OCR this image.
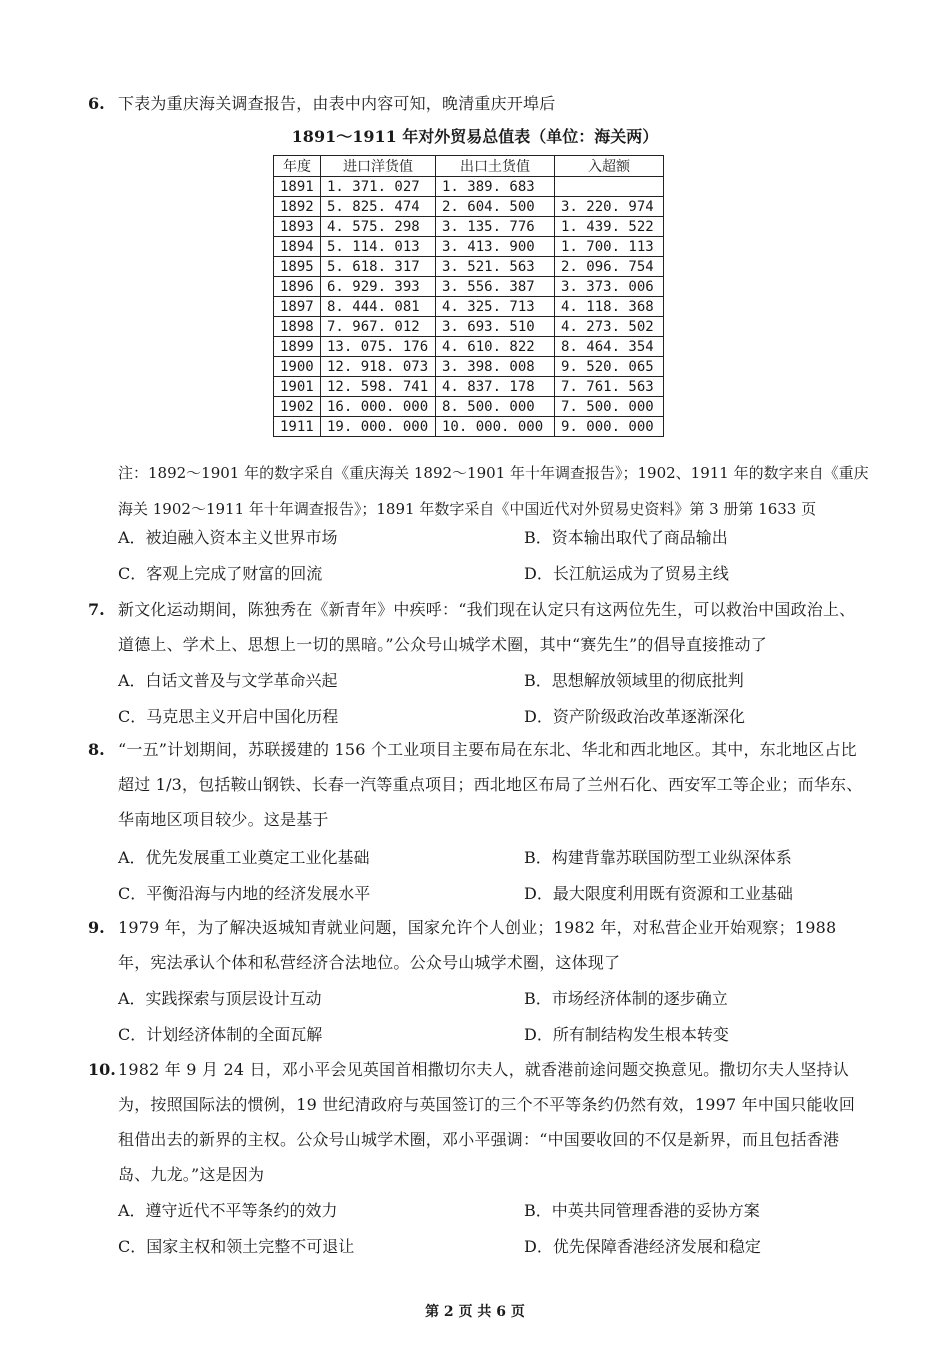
6. 下表为重庆海关调查报告，由表中内容可知，晚清重庆开埠后
1891～1911 年对外贸易总值表（单位：海关两）
年度	进口洋货值	出口土货值	入超额
1891	1. 371. 027	1. 389. 683	
1892	5. 825. 474	2. 604. 500	3. 220. 974
1893	4. 575. 298	3. 135. 776	1. 439. 522
1894	5. 114. 013	3. 413. 900	1. 700. 113
1895	5. 618. 317	3. 521. 563	2. 096. 754
1896	6. 929. 393	3. 556. 387	3. 373. 006
1897	8. 444. 081	4. 325. 713	4. 118. 368
1898	7. 967. 012	3. 693. 510	4. 273. 502
1899	13. 075. 176	4. 610. 822	8. 464. 354
1900	12. 918. 073	3. 398. 008	9. 520. 065
1901	12. 598. 741	4. 837. 178	7. 761. 563
1902	16. 000. 000	8. 500. 000	7. 500. 000
1911	19. 000. 000	10. 000. 000	9. 000. 000
注：1892～1901 年的数字采自《重庆海关 1892～1901 年十年调查报告》；1902、1911 年的数字来自《重庆海关 1902～1911 年十年调查报告》；1891 年数字采自《中国近代对外贸易史资料》第 3 册第 1633 页
A．被迫融入资本主义世界市场	B．资本输出取代了商品输出
C．客观上完成了财富的回流	D．长江航运成为了贸易主线
7. 新文化运动期间，陈独秀在《新青年》中疾呼：“我们现在认定只有这两位先生，可以救治中国政治上、道德上、学术上、思想上一切的黑暗。”公众号山城学术圈，其中“赛先生”的倡导直接推动了
A．白话文普及与文学革命兴起	B．思想解放领域里的彻底批判
C．马克思主义开启中国化历程	D．资产阶级政治改革逐渐深化
8. “一五”计划期间，苏联援建的 156 个工业项目主要布局在东北、华北和西北地区。其中，东北地区占比超过 1/3，包括鞍山钢铁、长春一汽等重点项目；西北地区布局了兰州石化、西安军工等企业；而华东、华南地区项目较少。这是基于
A．优先发展重工业奠定工业化基础	B．构建背靠苏联国防型工业纵深体系
C．平衡沿海与内地的经济发展水平	D．最大限度利用既有资源和工业基础
9. 1979 年，为了解决返城知青就业问题，国家允许个人创业；1982 年，对私营企业开始观察；1988 年，宪法承认个体和私营经济合法地位。公众号山城学术圈，这体现了
A．实践探索与顶层设计互动	B．市场经济体制的逐步确立
C．计划经济体制的全面瓦解	D．所有制结构发生根本转变
10. 1982 年 9 月 24 日，邓小平会见英国首相撒切尔夫人，就香港前途问题交换意见。撒切尔夫人坚持认为，按照国际法的惯例，19 世纪清政府与英国签订的三个不平等条约仍然有效，1997 年中国只能收回租借出去的新界的主权。公众号山城学术圈，邓小平强调：“中国要收回的不仅是新界，而且包括香港岛、九龙。”这是因为
A．遵守近代不平等条约的效力	B．中英共同管理香港的妥协方案
C．国家主权和领土完整不可退让	D．优先保障香港经济发展和稳定
第 2 页 共 6 页
